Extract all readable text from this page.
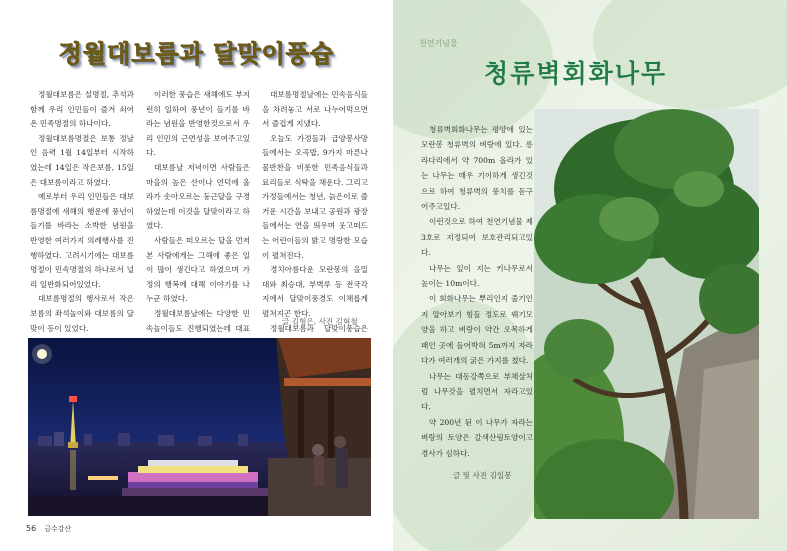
정월대보름과 달맞이풍습

정월대보름은 설명절, 추석과 함께 우리 인민들이 즐겨 쇠어온 민족명절의 하나이다.

정월대보름명절은 보통 정날인 음력 1월 14일부터 시작하였는데 14일은 작은보름, 15일은 대보름이라고 하였다.

예로부터 우리 인민들은 대보름명절에 새해의 행운에 풍년이 들기를 바라는 소박한 념원을 반영한 여러가지 의례행사를 진행하였다. 고려시기에는 대보름명절이 민속명절의 하나로서 널리 일반화되어있었다.

대보름명절의 행사로서 작은 보름의 좌석놀이와 대보름의 달맞이 등이 있었다.

이러한 풍습은 새해에도 부지런히 일하여 풍년이 들기를 바라는 념원을 반영한것으로서 우리 인민의 근면성을 보여주고있다.

대보름날 저녁이면 사람들은 마을의 높은 산이나 언덕에 올라가 솟아오르는 둥근달을 구경하였는데 이것을 달맞이라고 하였다.

사람들은 떠오르는 달을 먼저 본 사람에게는 그해에 좋은 일이 많이 생긴다고 하였으며 가정의 행복에 대해 이야기를 나누군 하였다.

정월대보름날에는 다양한 민속놀이들도 진행되였는데 대표

대보름명절날에는 민속음식들을 차려놓고 서로 나누어먹으면서 즐겁게 지냈다.

오늘도 가정들과 급양봉사망들에서는 오곡밥, 9가지 마른나물반찬을 비롯한 민족음식들과 료리들로 식탁을 채운다. 그리고 가정들에서는 청년, 늙은이로 즐거운 시간을 보내고 공원과 광장들에서는 연을 띄우며 웃고떠드는 어린이들의 밝고 명랑한 모습이 펼쳐진다.

경치아름다운 모란봉의 을밀대와 최승대, 부벽루 등 전국각지에서 달맞이풍경도 이채롭게 펼쳐지곤 한다.

정월대보름과 달맞이풍습은

글 김형은, 사진 김혁철
56 금수강산
천연기념물
청류벽회화나무

청류벽회화나무는 평양에 있는 모란봉 청류벽의 벼랑에 있다. 릉라다리에서 약 700m 올라가 있는 나무는 매우 기이하게 생긴것으로 하여 청류벽의 풍치를 돋구어주고있다.

이런것으로 하여 천연기념물 제3호로 지정되여 보호관리되고있다.

나무는 잎이 지는 키나무로서 높이는 10m이다.

이 회화나무는 뿌리인지 줄기인지 알아보기 힘들 정도로 꿰기모양을 하고 벼랑이 약간 오목하게 패인 곳에 들어박혀 5m까지 자라다가 여러개의 굵은 가지를 쳤다.

나무는 대동강쪽으로 부채살처럼 나무갓을 펼치면서 자라고있다.

약 200년 된 이 나무가 자라는 벼랑의 토양은 갈색산림토양이고 경사가 심하다.

글 및 사진 김일봉
